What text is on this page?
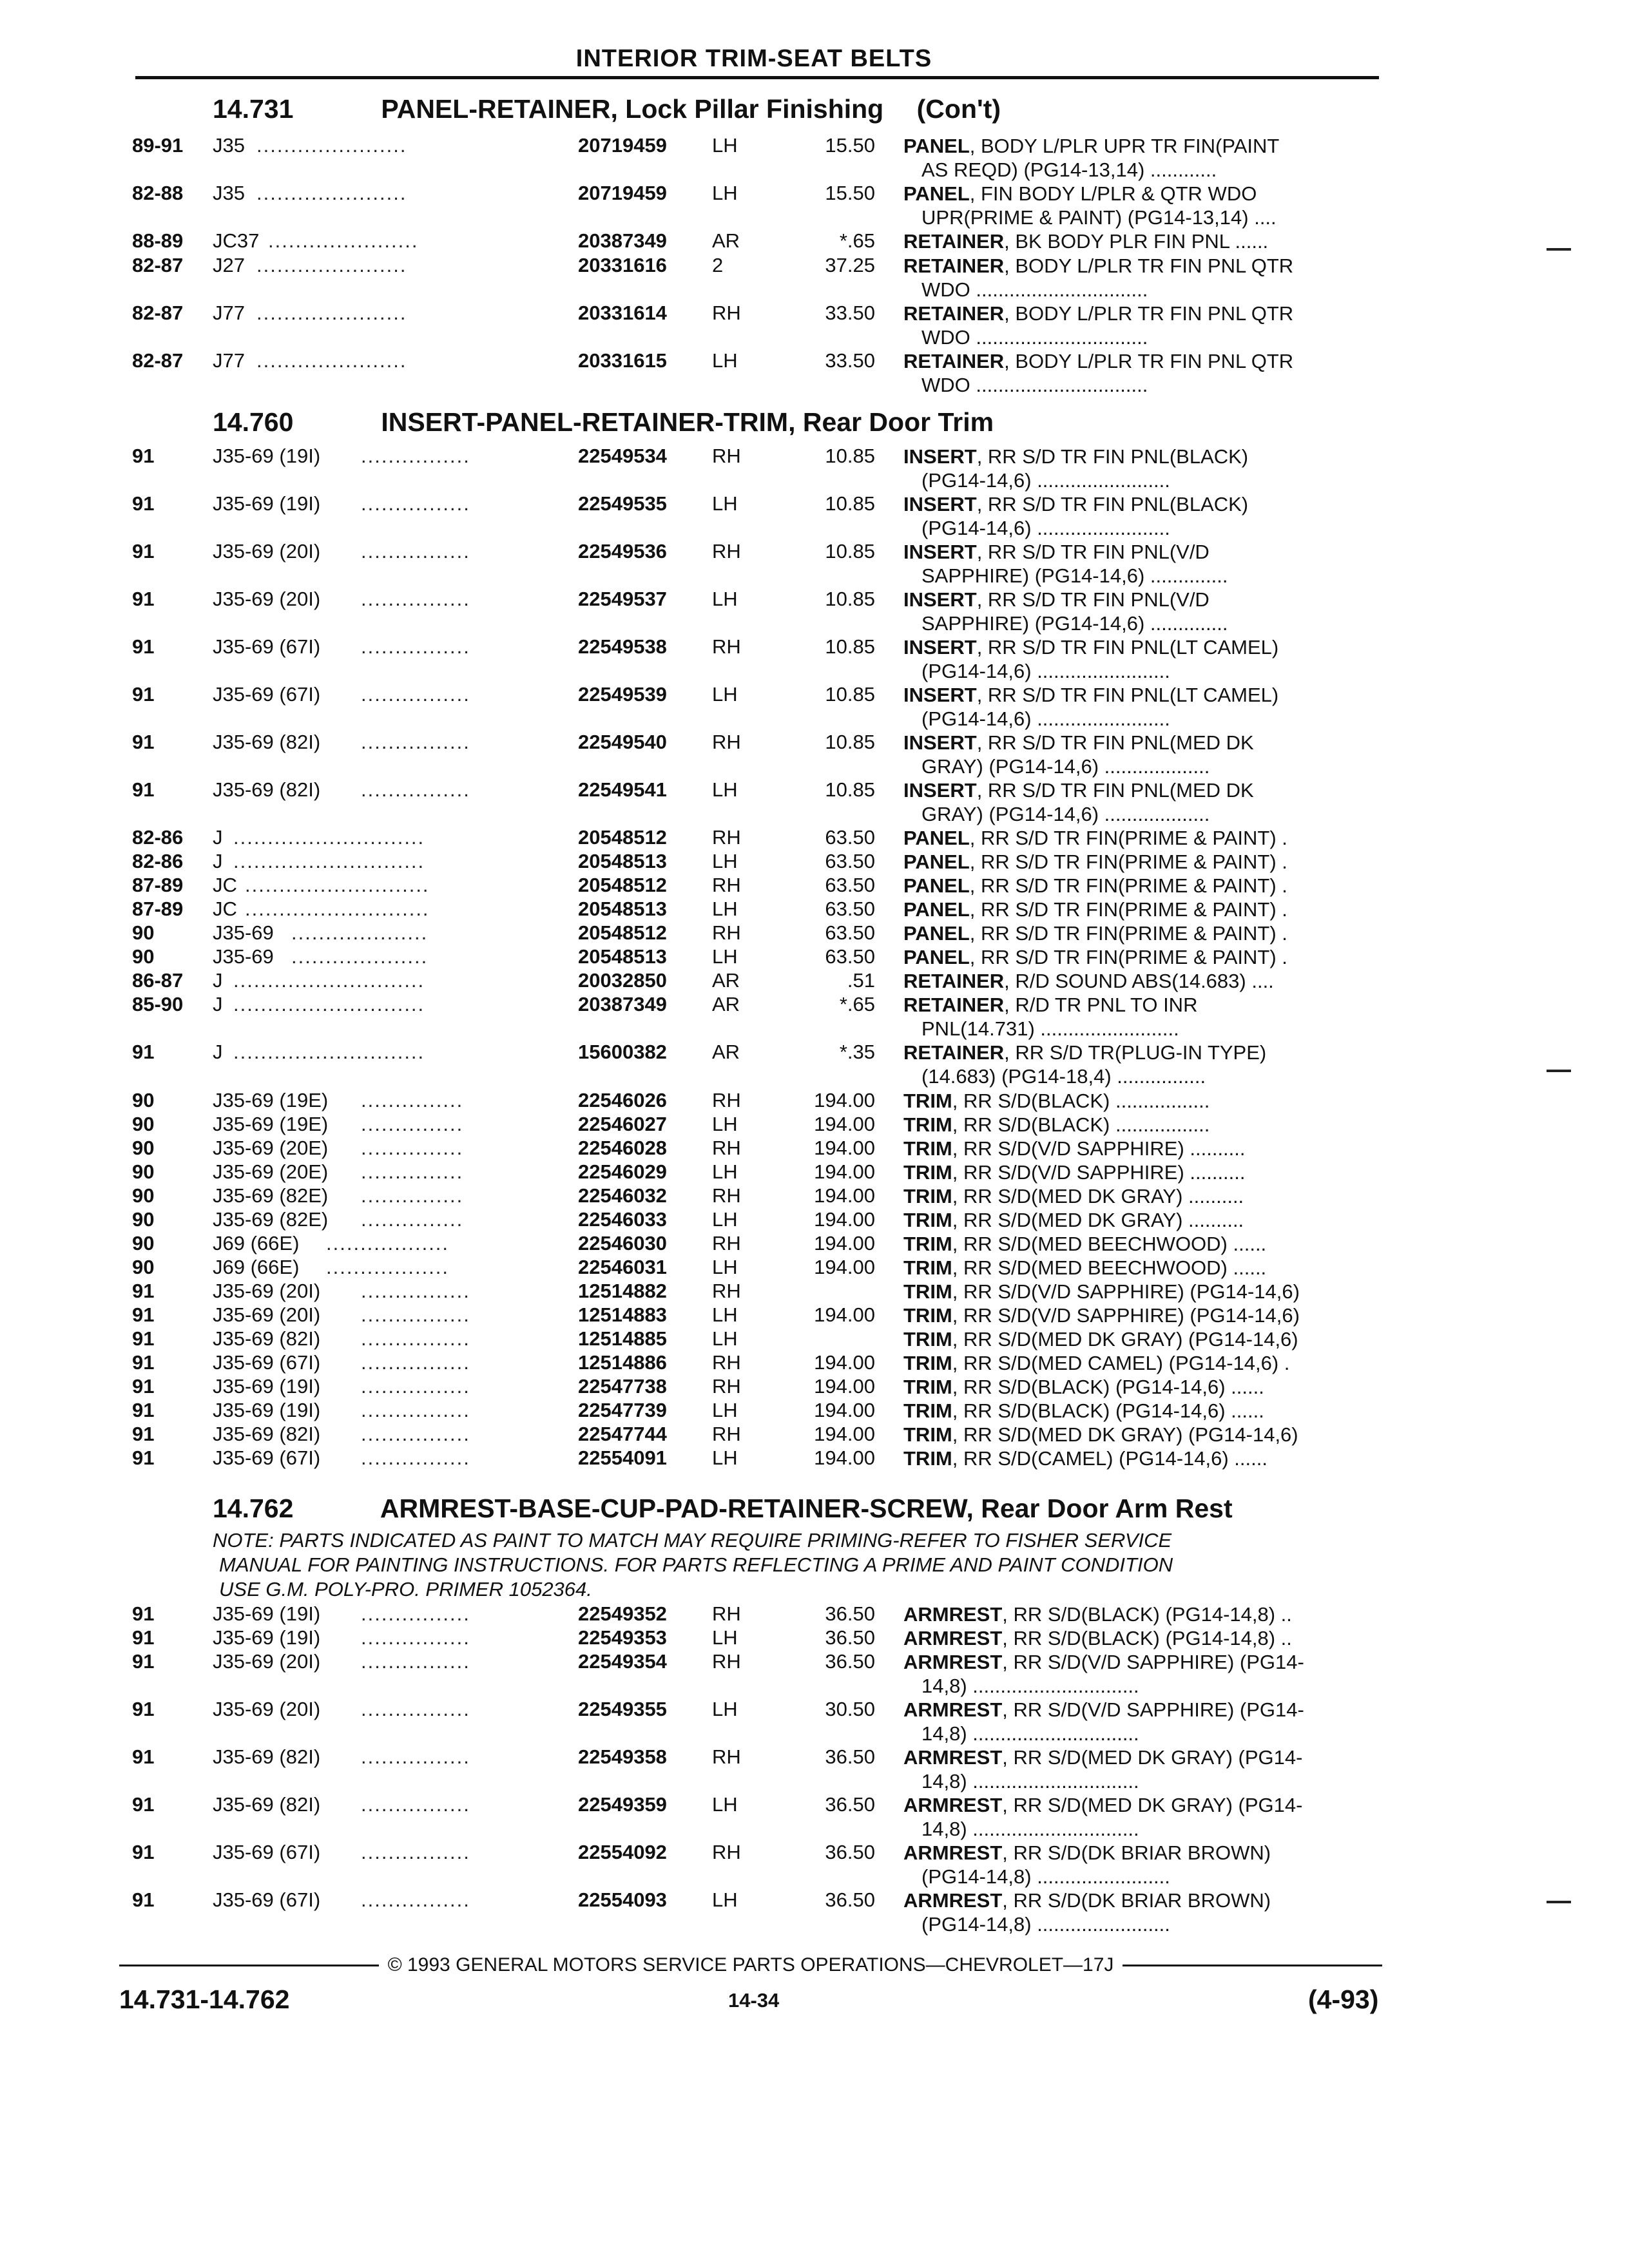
INTERIOR TRIM-SEAT BELTS
14.731	PANEL-RETAINER, Lock Pillar Finishing (Con't)
89-91 J35 ......................	20719459 LH	15.50 PANEL, BODY L/PLR UPR TR FIN(PAINT
AS REQD) (PG14-13,14) ............
82-88 J35 ......................	20719459 LH	15.50 PANEL, FIN BODY L/PLR & QTR WDO
UPR(PRIME & PAINT) (PG14-13,14) ....
88-89 JC37 ......................	20387349 AR	*.65 RETAINER, BK BODY PLR FIN PNL ......
82-87 J27 ......................	20331616 2	37.25 RETAINER, BODY L/PLR TR FIN PNL QTR
WDO ...............................
82-87 J77 ......................	20331614 RH	33.50 RETAINER, BODY L/PLR TR FIN PNL QTR
WDO ...............................
82-87 J77 ......................	20331615 LH	33.50 RETAINER, BODY L/PLR TR FIN PNL QTR
WDO ...............................
14.760	INSERT-PANEL-RETAINER-TRIM, Rear Door Trim
91	J35-69 (19I) ................	22549534 RH	10.85 INSERT, RR S/D TR FIN PNL(BLACK)
(PG14-14,6) ........................
91	J35-69 (19I) ................	22549535 LH	10.85 INSERT, RR S/D TR FIN PNL(BLACK)
(PG14-14,6) ........................
91	J35-69 (20I) ................	22549536 RH	10.85 INSERT, RR S/D TR FIN PNL(V/D
SAPPHIRE) (PG14-14,6) ..............
91	J35-69 (20I) ................	22549537 LH	10.85 INSERT, RR S/D TR FIN PNL(V/D
SAPPHIRE) (PG14-14,6) ..............
91	J35-69 (67I) ................	22549538 RH	10.85 INSERT, RR S/D TR FIN PNL(LT CAMEL)
(PG14-14,6) ........................
91	J35-69 (67I) ................	22549539 LH	10.85 INSERT, RR S/D TR FIN PNL(LT CAMEL)
(PG14-14,6) ........................
91	J35-69 (82I) ................	22549540 RH	10.85 INSERT, RR S/D TR FIN PNL(MED DK
GRAY) (PG14-14,6) ...................
91	J35-69 (82I) ................	22549541 LH	10.85 INSERT, RR S/D TR FIN PNL(MED DK
GRAY) (PG14-14,6) ...................
82-86 J ............................	20548512 RH	63.50 PANEL, RR S/D TR FIN(PRIME & PAINT) .
82-86 J ............................	20548513 LH	63.50 PANEL, RR S/D TR FIN(PRIME & PAINT) .
87-89 JC ...........................	20548512 RH	63.50 PANEL, RR S/D TR FIN(PRIME & PAINT) .
87-89 JC ...........................	20548513 LH	63.50 PANEL, RR S/D TR FIN(PRIME & PAINT) .
90	J35-69 ....................	20548512 RH	63.50 PANEL, RR S/D TR FIN(PRIME & PAINT) .
90	J35-69 ....................	20548513 LH	63.50 PANEL, RR S/D TR FIN(PRIME & PAINT) .
86-87 J ............................	20032850 AR	.51 RETAINER, R/D SOUND ABS(14.683) ....
85-90 J ............................	20387349 AR	*.65 RETAINER, R/D TR PNL TO INR
PNL(14.731) .........................
91	J ............................	15600382 AR	*.35 RETAINER, RR S/D TR(PLUG-IN TYPE)
(14.683) (PG14-18,4) ................
90	J35-69 (19E) ...............	22546026 RH	194.00 TRIM, RR S/D(BLACK) .................
90	J35-69 (19E) ...............	22546027 LH	194.00 TRIM, RR S/D(BLACK) .................
90	J35-69 (20E) ...............	22546028 RH	194.00 TRIM, RR S/D(V/D SAPPHIRE) ..........
90	J35-69 (20E) ...............	22546029 LH	194.00 TRIM, RR S/D(V/D SAPPHIRE) ..........
90	J35-69 (82E) ...............	22546032 RH	194.00 TRIM, RR S/D(MED DK GRAY) ..........
90	J35-69 (82E) ...............	22546033 LH	194.00 TRIM, RR S/D(MED DK GRAY) ..........
90	J69 (66E) ..................	22546030 RH	194.00 TRIM, RR S/D(MED BEECHWOOD) ......
90	J69 (66E) ..................	22546031 LH	194.00 TRIM, RR S/D(MED BEECHWOOD) ......
91	J35-69 (20I) ................	12514882 RH	TRIM, RR S/D(V/D SAPPHIRE) (PG14-14,6)
91	J35-69 (20I) ................	12514883 LH	194.00 TRIM, RR S/D(V/D SAPPHIRE) (PG14-14,6)
91	J35-69 (82I) ................	12514885 LH	TRIM, RR S/D(MED DK GRAY) (PG14-14,6)
91	J35-69 (67I) ................	12514886 RH	194.00 TRIM, RR S/D(MED CAMEL) (PG14-14,6) .
91	J35-69 (19I) ................	22547738 RH	194.00 TRIM, RR S/D(BLACK) (PG14-14,6) ......
91	J35-69 (19I) ................	22547739 LH	194.00 TRIM, RR S/D(BLACK) (PG14-14,6) ......
91	J35-69 (82I) ................	22547744 RH	194.00 TRIM, RR S/D(MED DK GRAY) (PG14-14,6)
91	J35-69 (67I) ................	22554091 LH	194.00 TRIM, RR S/D(CAMEL) (PG14-14,6) ......
14.762	ARMREST-BASE-CUP-PAD-RETAINER-SCREW, Rear Door Arm Rest
NOTE: PARTS INDICATED AS PAINT TO MATCH MAY REQUIRE PRIMING-REFER TO FISHER SERVICE
MANUAL FOR PAINTING INSTRUCTIONS. FOR PARTS REFLECTING A PRIME AND PAINT CONDITION
USE G.M. POLY-PRO. PRIMER 1052364.
91	J35-69 (19I) ................	22549352 RH	36.50 ARMREST, RR S/D(BLACK) (PG14-14,8) ..
91	J35-69 (19I) ................	22549353 LH	36.50 ARMREST, RR S/D(BLACK) (PG14-14,8) ..
91	J35-69 (20I) ................	22549354 RH	36.50 ARMREST, RR S/D(V/D SAPPHIRE) (PG14-
14,8) ..............................
91	J35-69 (20I) ................	22549355 LH	30.50 ARMREST, RR S/D(V/D SAPPHIRE) (PG14-
14,8) ..............................
91	J35-69 (82I) ................	22549358 RH	36.50 ARMREST, RR S/D(MED DK GRAY) (PG14-
14,8) ..............................
91	J35-69 (82I) ................	22549359 LH	36.50 ARMREST, RR S/D(MED DK GRAY) (PG14-
14,8) ..............................
91	J35-69 (67I) ................	22554092 RH	36.50 ARMREST, RR S/D(DK BRIAR BROWN)
(PG14-14,8) ........................
91	J35-69 (67I) ................	22554093 LH	36.50 ARMREST, RR S/D(DK BRIAR BROWN)
(PG14-14,8) ........................
© 1993 GENERAL MOTORS SERVICE PARTS OPERATIONS—CHEVROLET—17J
14.731-14.762	14-34	(4-93)
